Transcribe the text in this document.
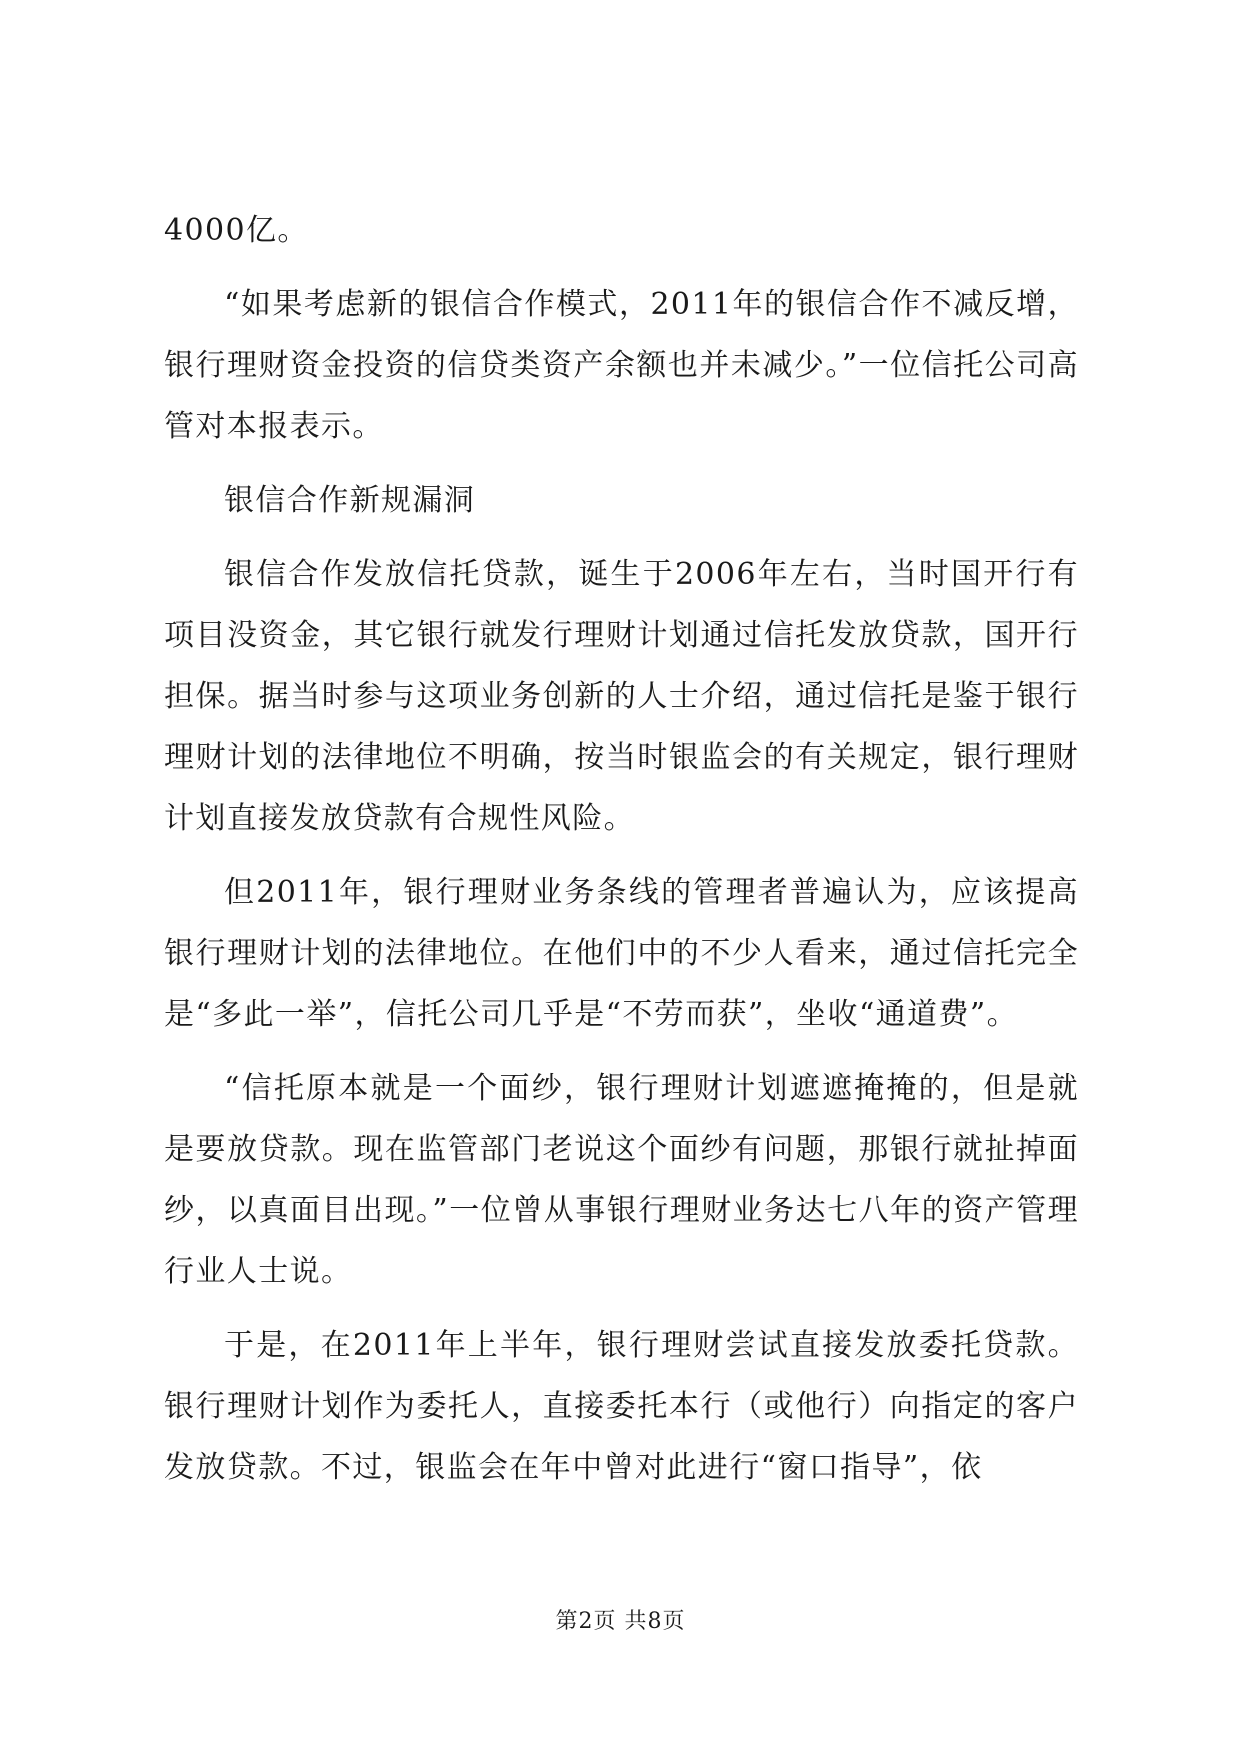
4000亿。

“如果考虑新的银信合作模式，2011年的银信合作不减反增，银行理财资金投资的信贷类资产余额也并未减少。”一位信托公司高管对本报表示。

银信合作新规漏洞

银信合作发放信托贷款，诞生于2006年左右，当时国开行有项目没资金，其它银行就发行理财计划通过信托发放贷款，国开行担保。据当时参与这项业务创新的人士介绍，通过信托是鉴于银行理财计划的法律地位不明确，按当时银监会的有关规定，银行理财计划直接发放贷款有合规性风险。

但2011年，银行理财业务条线的管理者普遍认为，应该提高银行理财计划的法律地位。在他们中的不少人看来，通过信托完全是“多此一举”，信托公司几乎是“不劳而获”，坐收“通道费”。

“信托原本就是一个面纱，银行理财计划遮遮掩掩的，但是就是要放贷款。现在监管部门老说这个面纱有问题，那银行就扯掉面纱，以真面目出现。”一位曾从事银行理财业务达七八年的资产管理行业人士说。

于是，在2011年上半年，银行理财尝试直接发放委托贷款。银行理财计划作为委托人，直接委托本行（或他行）向指定的客户发放贷款。不过，银监会在年中曾对此进行“窗口指导”，依

第2页 共8页
